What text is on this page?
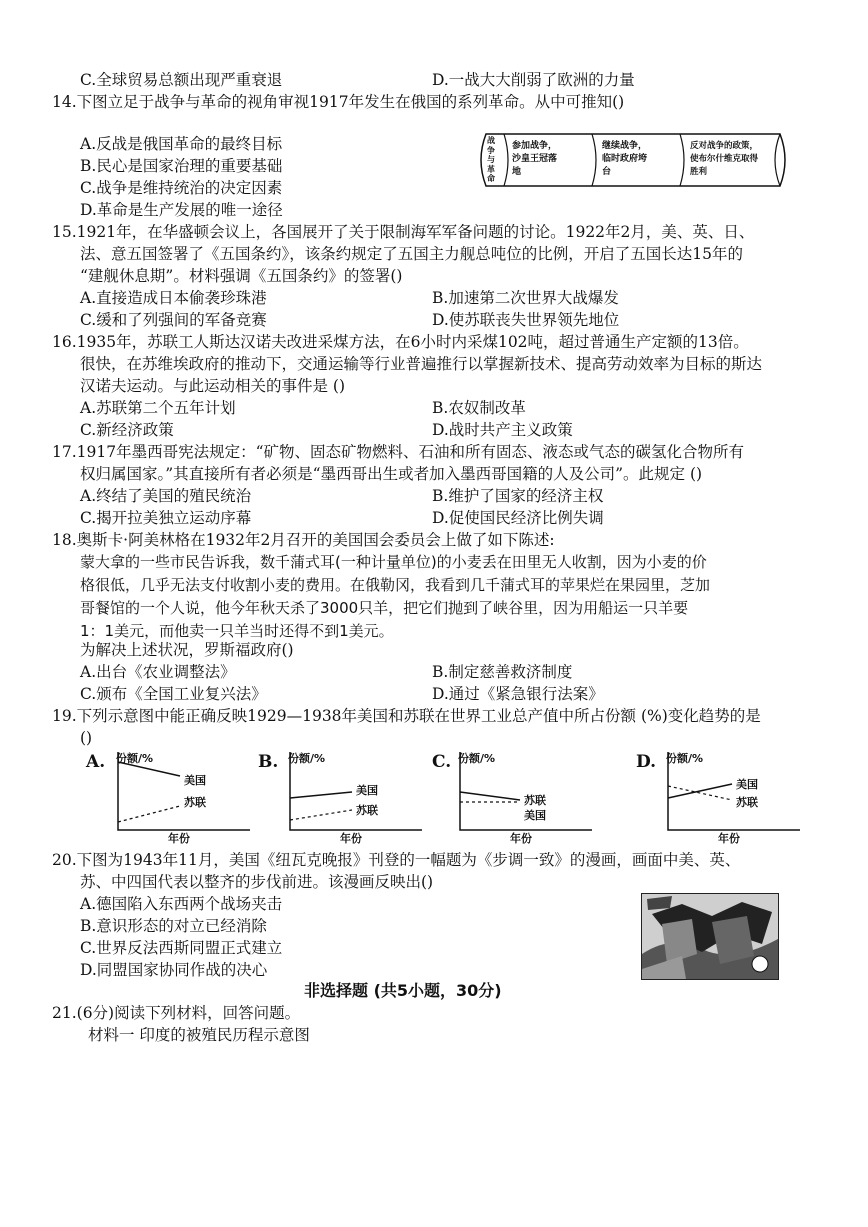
C.全球贸易总额出现严重衰退	D.一战大大削弱了欧洲的力量
14.下图立足于战争与革命的视角审视1917年发生在俄国的系列革命。从中可推知()
A.反战是俄国革命的最终目标
B.民心是国家治理的重要基础
C.战争是维持统治的决定因素
D.革命是生产发展的唯一途径
战
争
与
革
命
参加战争，
沙皇王冠落
地
继续战争，
临时政府垮
台
反对战争的政策，
使布尔什维克取得
胜利
15.1921年，在华盛顿会议上，各国展开了关于限制海军军备问题的讨论。1922年2月，美、英、日、
法、意五国签署了《五国条约》，该条约规定了五国主力舰总吨位的比例，开启了五国长达15年的
“建舰休息期”。材料强调《五国条约》的签署()
A.直接造成日本偷袭珍珠港	B.加速第二次世界大战爆发
C.缓和了列强间的军备竞赛	D.使苏联丧失世界领先地位
16.1935年，苏联工人斯达汉诺夫改进采煤方法，在6小时内采煤102吨，超过普通生产定额的13倍。
很快，在苏维埃政府的推动下，交通运输等行业普遍推行以掌握新技术、提高劳动效率为目标的斯达
汉诺夫运动。与此运动相关的事件是 ()
A.苏联第二个五年计划	B.农奴制改革
C.新经济政策	D.战时共产主义政策
17.1917年墨西哥宪法规定：“矿物、固态矿物燃料、石油和所有固态、液态或气态的碳氢化合物所有
权归属国家。”其直接所有者必须是“墨西哥出生或者加入墨西哥国籍的人及公司”。此规定 ()
A.终结了美国的殖民统治	B.维护了国家的经济主权
C.揭开拉美独立运动序幕	D.促使国民经济比例失调
18.奥斯卡·阿美林格在1932年2月召开的美国国会委员会上做了如下陈述:
蒙大拿的一些市民告诉我，数千蒲式耳(一种计量单位)的小麦丢在田里无人收割，因为小麦的价
格很低，几乎无法支付收割小麦的费用。在俄勒冈，我看到几千蒲式耳的苹果烂在果园里，芝加
哥餐馆的一个人说，他今年秋天杀了3000只羊，把它们抛到了峡谷里，因为用船运一只羊要
1：1美元，而他卖一只羊当时还得不到1美元。
为解决上述状况，罗斯福政府()
A.出台《农业调整法》	B.制定慈善救济制度
C.颁布《全国工业复兴法》	D.通过《紧急银行法案》
19.下列示意图中能正确反映1929—1938年美国和苏联在世界工业总产值中所占份额 (%)变化趋势的是
()
A. 份额/%
美国
苏联
年份
B. 份额/%
美国
苏联
年份
C. 份额/%
苏联
美国
年份
D. 份额/%
美国
苏联
年份
20.下图为1943年11月，美国《纽瓦克晚报》刊登的一幅题为《步调一致》的漫画，画面中美、英、
苏、中四国代表以整齐的步伐前进。该漫画反映出()
A.德国陷入东西两个战场夹击
B.意识形态的对立已经消除
C.世界反法西斯同盟正式建立
D.同盟国家协同作战的决心
非选择题 (共5小题，30分)
21.(6分)阅读下列材料，回答问题。
材料一 印度的被殖民历程示意图
